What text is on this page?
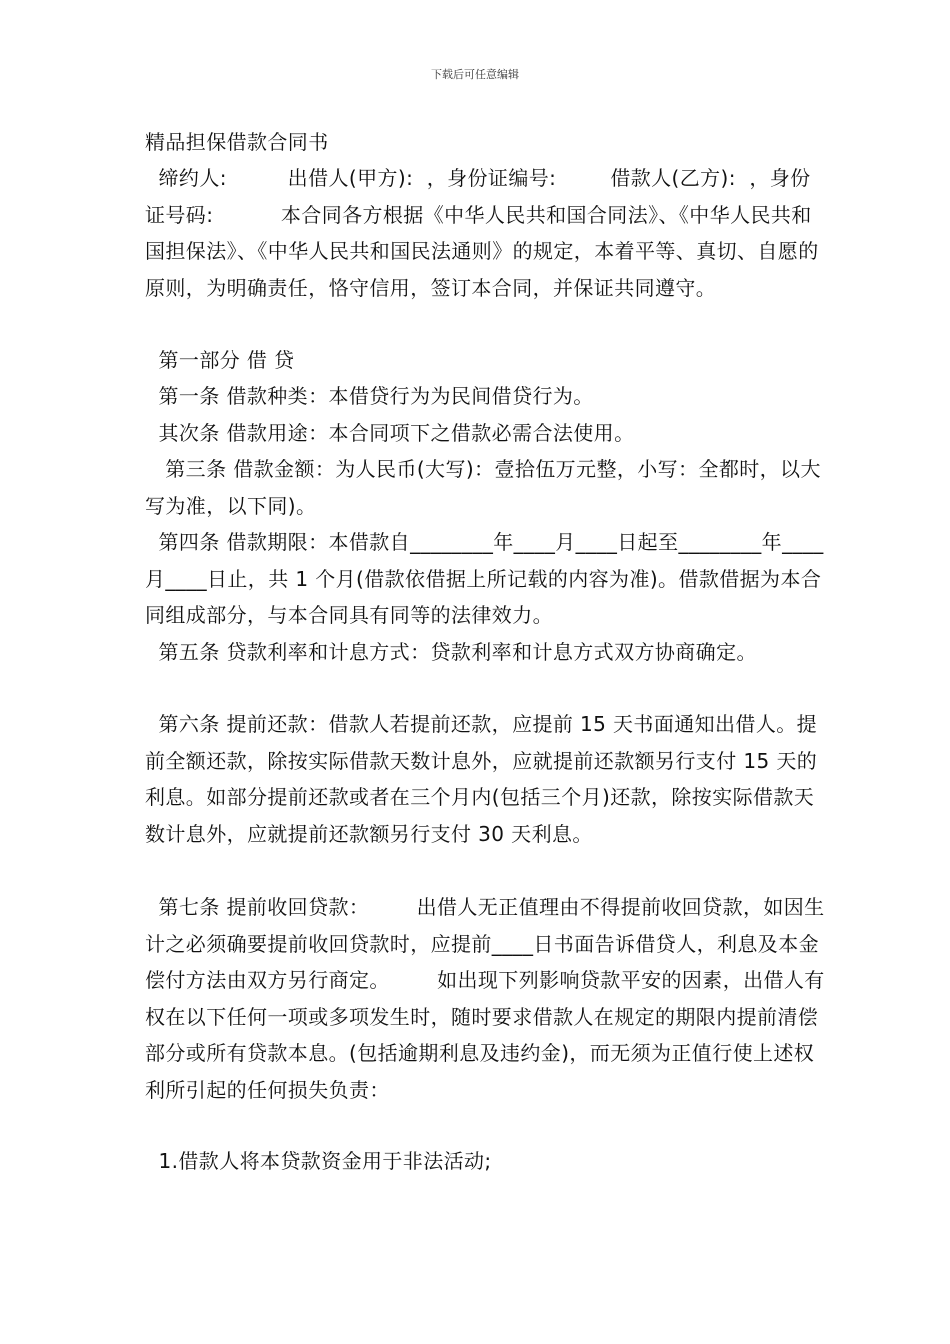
下载后可任意编辑

精品担保借款合同书

缔约人:         出借人(甲方):  ，身份证编号:        借款人(乙方):  ，身份证号码:          本合同各方根据《中华人民共和国合同法》、《中华人民共和国担保法》、《中华人民共和国民法通则》的规定，本着平等、真切、自愿的原则，为明确责任，恪守信用，签订本合同，并保证共同遵守。

第一部分 借 贷

第一条 借款种类：本借贷行为为民间借贷行为。

其次条 借款用途：本合同项下之借款必需合法使用。

第三条 借款金额：为人民币(大写)：壹拾伍万元整，小写：全都时，以大写为准，以下同)。

第四条 借款期限：本借款自________年____月____日起至________年____月____日止，共 1 个月(借款依借据上所记载的内容为准)。借款借据为本合同组成部分，与本合同具有同等的法律效力。

第五条 贷款利率和计息方式：贷款利率和计息方式双方协商确定。

第六条 提前还款：借款人若提前还款，应提前 15 天书面通知出借人。提前全额还款，除按实际借款天数计息外，应就提前还款额另行支付 15 天的利息。如部分提前还款或者在三个月内(包括三个月)还款，除按实际借款天数计息外，应就提前还款额另行支付 30 天利息。

第七条 提前收回贷款：       出借人无正值理由不得提前收回贷款，如因生计之必须确要提前收回贷款时，应提前____日书面告诉借贷人，利息及本金偿付方法由双方另行商定。       如出现下列影响贷款平安的因素，出借人有权在以下任何一项或多项发生时，随时要求借款人在规定的期限内提前清偿部分或所有贷款本息。(包括逾期利息及违约金)，而无须为正值行使上述权利所引起的任何损失负责：

1.借款人将本贷款资金用于非法活动;
